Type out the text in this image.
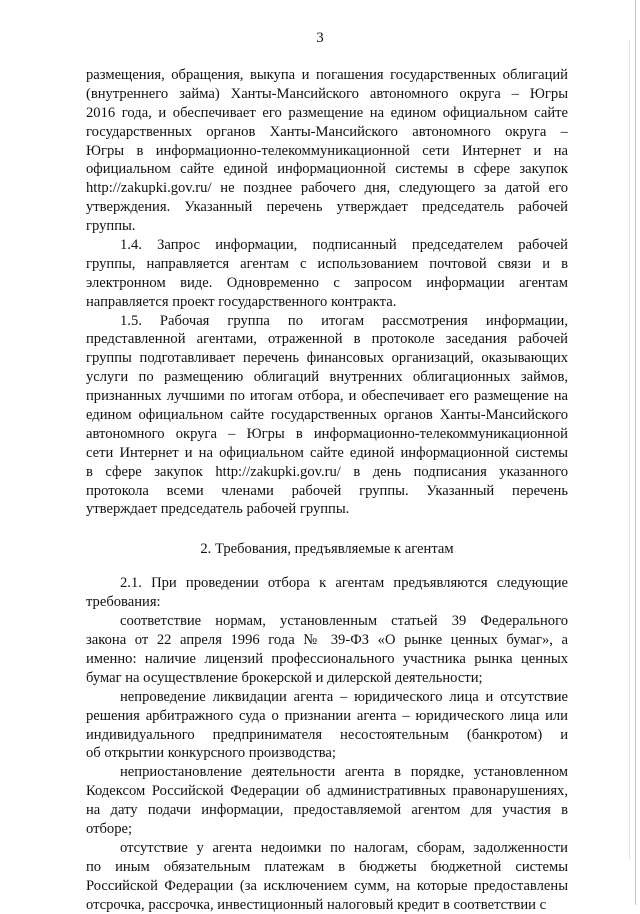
3
размещения, обращения, выкупа и погашения государственных облигаций
(внутреннего займа) Ханты-Мансийского автономного округа – Югры
2016 года, и обеспечивает его размещение на едином официальном сайте
государственных органов Ханты-Мансийского автономного округа –
Югры в информационно-телекоммуникационной сети Интернет и на
официальном сайте единой информационной системы в сфере закупок
http://zakupki.gov.ru/ не позднее рабочего дня, следующего за датой его
утверждения. Указанный перечень утверждает председатель рабочей
группы.
1.4. Запрос информации, подписанный председателем рабочей
группы, направляется агентам с использованием почтовой связи и в
электронном виде. Одновременно с запросом информации агентам
направляется проект государственного контракта.
1.5. Рабочая группа по итогам рассмотрения информации,
представленной агентами, отраженной в протоколе заседания рабочей
группы подготавливает перечень финансовых организаций, оказывающих
услуги по размещению облигаций внутренних облигационных займов,
признанных лучшими по итогам отбора, и обеспечивает его размещение на
едином официальном сайте государственных органов Ханты-Мансийского
автономного округа – Югры в информационно-телекоммуникационной
сети Интернет и на официальном сайте единой информационной системы
в сфере закупок http://zakupki.gov.ru/ в день подписания указанного
протокола всеми членами рабочей группы. Указанный перечень
утверждает председатель рабочей группы.
2. Требования, предъявляемые к агентам
2.1. При проведении отбора к агентам предъявляются следующие
требования:
соответствие нормам, установленным статьей 39 Федерального
закона от 22 апреля 1996 года № 39-ФЗ «О рынке ценных бумаг», а
именно: наличие лицензий профессионального участника рынка ценных
бумаг на осуществление брокерской и дилерской деятельности;
непроведение ликвидации агента – юридического лица и отсутствие
решения арбитражного суда о признании агента – юридического лица или
индивидуального предпринимателя несостоятельным (банкротом) и
об открытии конкурсного производства;
неприостановление деятельности агента в порядке, установленном
Кодексом Российской Федерации об административных правонарушениях,
на дату подачи информации, предоставляемой агентом для участия в
отборе;
отсутствие у агента недоимки по налогам, сборам, задолженности
по иным обязательным платежам в бюджеты бюджетной системы
Российской Федерации (за исключением сумм, на которые предоставлены
отсрочка, рассрочка, инвестиционный налоговый кредит в соответствии с
